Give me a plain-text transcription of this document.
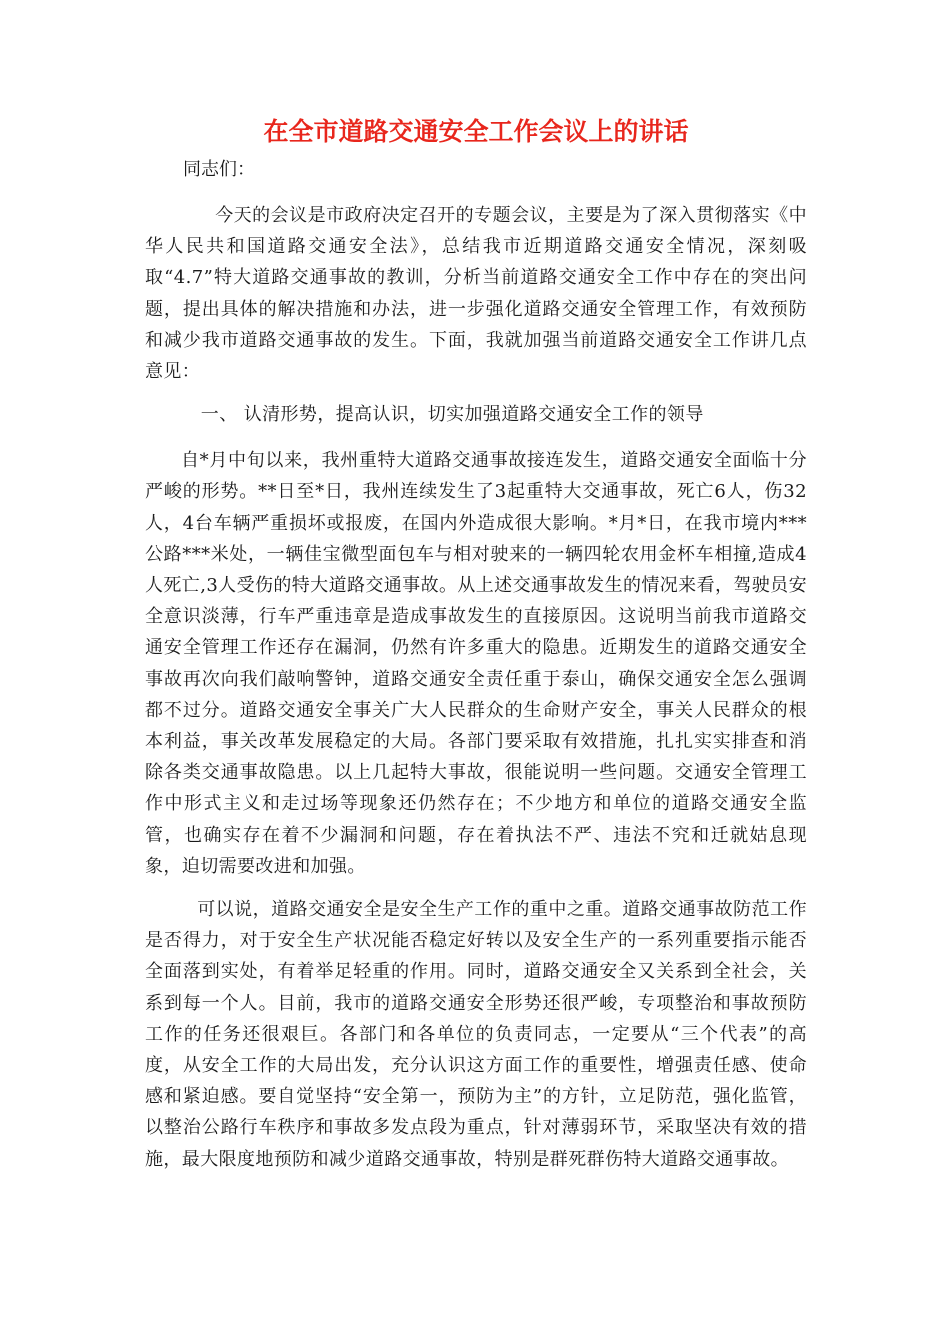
在全市道路交通安全工作会议上的讲话
同志们：

今天的会议是市政府决定召开的专题会议，主要是为了深入贯彻落实《中华人民共和国道路交通安全法》，总结我市近期道路交通安全情况，深刻吸取“4.7”特大道路交通事故的教训，分析当前道路交通安全工作中存在的突出问题，提出具体的解决措施和办法，进一步强化道路交通安全管理工作，有效预防和减少我市道路交通事故的发生。下面，我就加强当前道路交通安全工作讲几点意见：

一、 认清形势，提高认识，切实加强道路交通安全工作的领导

自*月中旬以来，我州重特大道路交通事故接连发生，道路交通安全面临十分严峻的形势。**日至*日，我州连续发生了3起重特大交通事故，死亡6人，伤32人，4台车辆严重损坏或报废，在国内外造成很大影响。*月*日，在我市境内***公路***米处，一辆佳宝微型面包车与相对驶来的一辆四轮农用金杯车相撞,造成4人死亡,3人受伤的特大道路交通事故。从上述交通事故发生的情况来看，驾驶员安全意识淡薄，行车严重违章是造成事故发生的直接原因。这说明当前我市道路交通安全管理工作还存在漏洞，仍然有许多重大的隐患。近期发生的道路交通安全事故再次向我们敲响警钟，道路交通安全责任重于泰山，确保交通安全怎么强调都不过分。道路交通安全事关广大人民群众的生命财产安全，事关人民群众的根本利益，事关改革发展稳定的大局。各部门要采取有效措施，扎扎实实排查和消除各类交通事故隐患。以上几起特大事故，很能说明一些问题。交通安全管理工作中形式主义和走过场等现象还仍然存在；不少地方和单位的道路交通安全监管，也确实存在着不少漏洞和问题，存在着执法不严、违法不究和迁就姑息现象，迫切需要改进和加强。

可以说，道路交通安全是安全生产工作的重中之重。道路交通事故防范工作是否得力，对于安全生产状况能否稳定好转以及安全生产的一系列重要指示能否全面落到实处，有着举足轻重的作用。同时，道路交通安全又关系到全社会，关系到每一个人。目前，我市的道路交通安全形势还很严峻，专项整治和事故预防工作的任务还很艰巨。各部门和各单位的负责同志，一定要从“三个代表”的高度，从安全工作的大局出发，充分认识这方面工作的重要性，增强责任感、使命感和紧迫感。要自觉坚持“安全第一，预防为主”的方针，立足防范，强化监管，以整治公路行车秩序和事故多发点段为重点，针对薄弱环节，采取坚决有效的措施，最大限度地预防和减少道路交通事故，特别是群死群伤特大道路交通事故。
